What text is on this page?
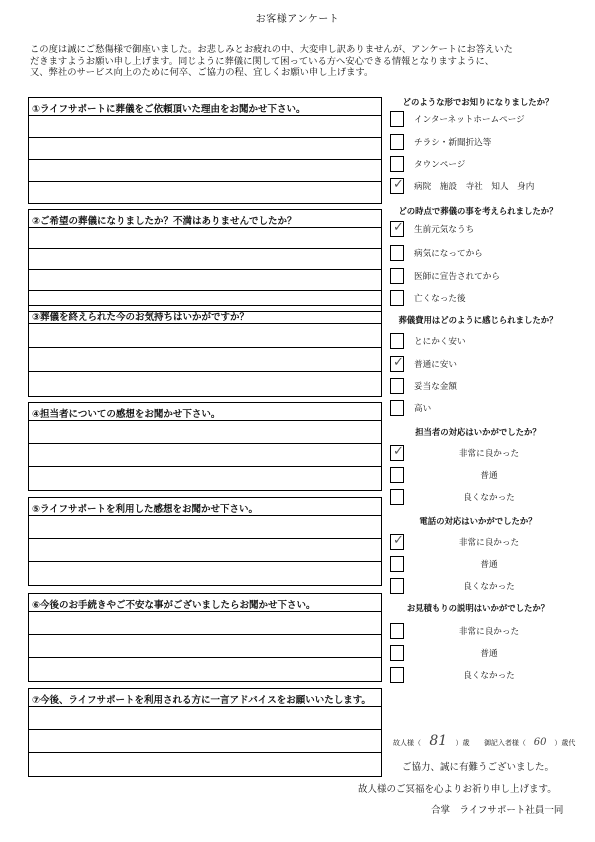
お客様アンケート
この度は誠にご愁傷様で御座いました。お悲しみとお疲れの中、大変申し訳ありませんが、アンケートにお答えいた
だきますようお願い申し上げます。同じように葬儀に関して困っている方へ安心できる情報となりますように、
又、弊社のサービス向上のために何卒、ご協力の程、宜しくお願い申し上げます。
①ライフサポートに葬儀をご依頼頂いた理由をお聞かせ下さい。
②ご希望の葬儀になりましたか？不満はありませんでしたか？
③葬儀を終えられた今のお気持ちはいかがですか？
④担当者についての感想をお聞かせ下さい。
⑤ライフサポートを利用した感想をお聞かせ下さい。
⑥今後のお手続きやご不安な事がございましたらお聞かせ下さい。
⑦今後、ライフサポートを利用される方に一言アドバイスをお願いいたします。
どのような形でお知りになりましたか？
インターネットホームページ
チラシ・新聞折込等
タウンページ
✓ 病院　施設　寺社　知人　身内
どの時点で葬儀の事を考えられましたか？
✓ 生前元気なうち
病気になってから
医師に宣告されてから
亡くなった後
葬儀費用はどのように感じられましたか？
とにかく安い
✓ 普通に安い
妥当な金額
高い
担当者の対応はいかがでしたか？
✓	非常に良かった
普通
良くなかった
電話の対応はいかがでしたか？
✓	非常に良かった
普通
良くなかった
お見積もりの説明はいかがでしたか？
非常に良かった
普通
良くなかった
故人様（ 81 ）歳 御記入者様（ 60 ）歳代
ご協力、誠に有難うございました。
故人様のご冥福を心よりお祈り申し上げます。
合掌　ライフサポート社員一同
